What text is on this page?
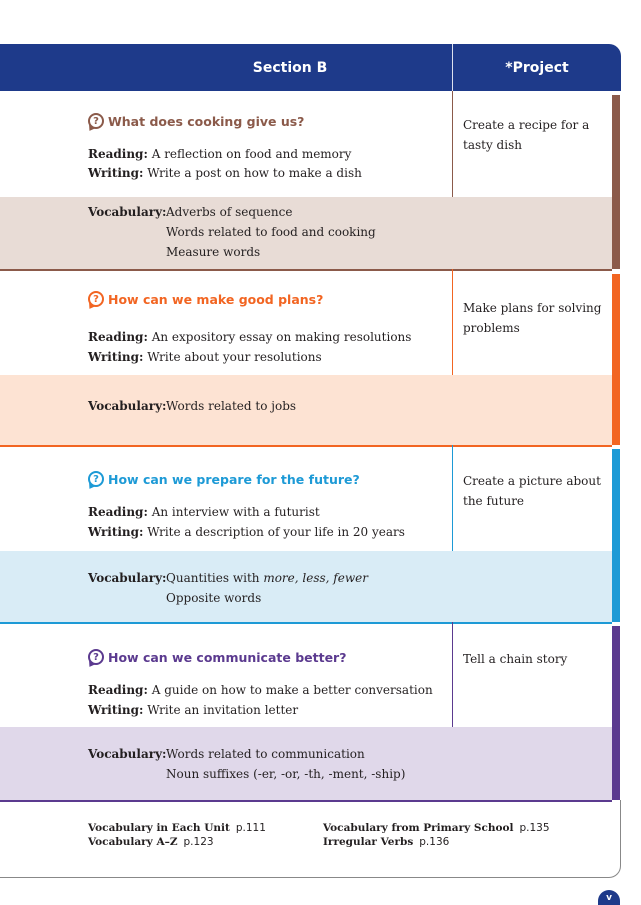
Section B	*Project
? What does cooking give us?
Reading: A reflection on food and memory
Writing: Write a post on how to make a dish
Create a recipe for a tasty dish
Vocabulary: Adverbs of sequence
Words related to food and cooking
Measure words
? How can we make good plans?
Reading: An expository essay on making resolutions
Writing: Write about your resolutions
Make plans for solving problems
Vocabulary: Words related to jobs
? How can we prepare for the future?
Reading: An interview with a futurist
Writing: Write a description of your life in 20 years
Create a picture about the future
Vocabulary: Quantities with more, less, fewer
Opposite words
? How can we communicate better?
Reading: A guide on how to make a better conversation
Writing: Write an invitation letter
Tell a chain story
Vocabulary: Words related to communication
Noun suffixes (-er, -or, -th, -ment, -ship)
Vocabulary in Each Unit p.111
Vocabulary A–Z p.123
Vocabulary from Primary School p.135
Irregular Verbs p.136
v
